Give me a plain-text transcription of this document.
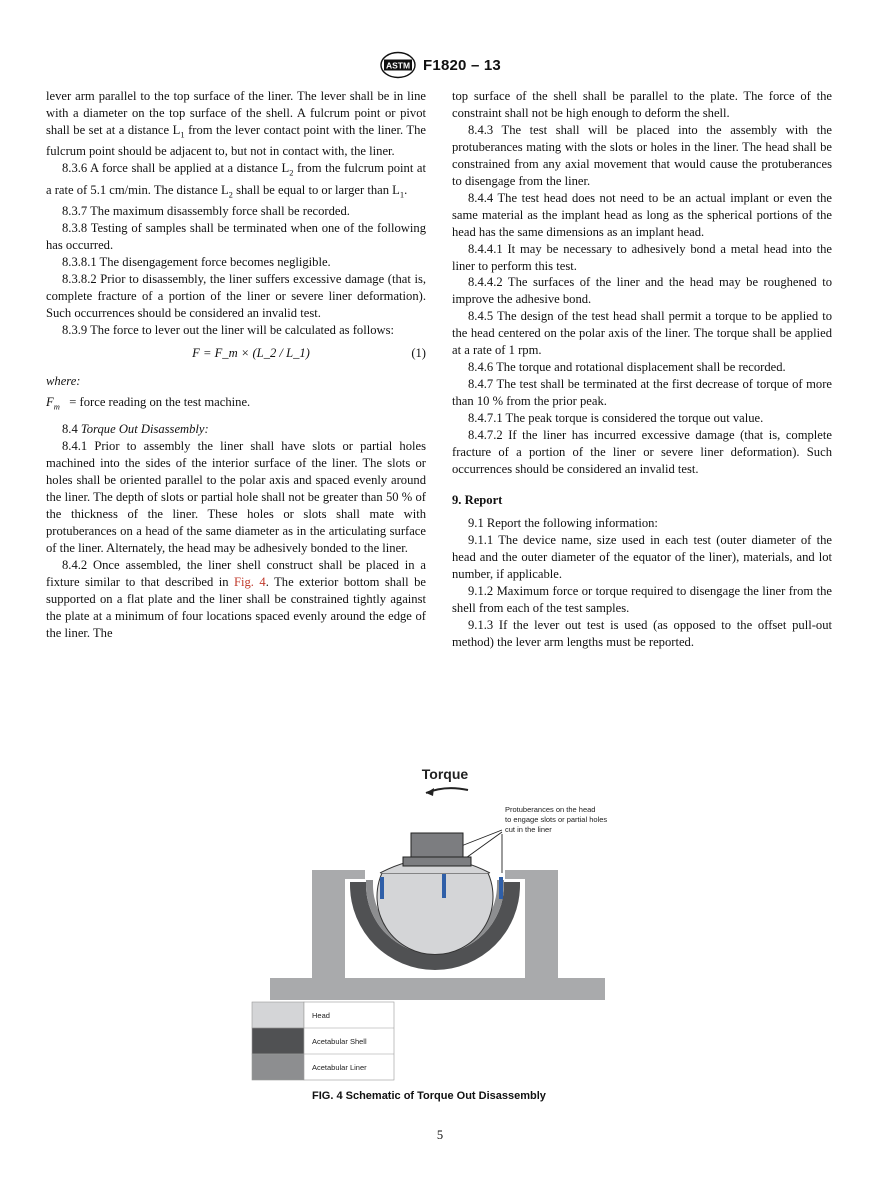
ASTM F1820 – 13

lever arm parallel to the top surface of the liner. The lever shall be in line with a diameter on the top surface of the shell. A fulcrum point or pivot shall be set at a distance $L_1$ from the lever contact point with the liner. The fulcrum point should be adjacent to, but not in contact with, the liner.

8.3.6 A force shall be applied at a distance $L_2$ from the fulcrum point at a rate of 5.1 cm/min. The distance $L_2$ shall be equal to or larger than $L_1$.

8.3.7 The maximum disassembly force shall be recorded.

8.3.8 Testing of samples shall be terminated when one of the following has occurred.

8.3.8.1 The disengagement force becomes negligible.

8.3.8.2 Prior to disassembly, the liner suffers excessive damage (that is, complete fracture of a portion of the liner or severe liner deformation). Such occurrences should be considered an invalid test.

8.3.9 The force to lever out the liner will be calculated as follows:

F = F_m × (L_2 / L_1)	(1)

where:

$F_m$ = force reading on the test machine.

8.4 Torque Out Disassembly:

8.4.1 Prior to assembly the liner shall have slots or partial holes machined into the sides of the interior surface of the liner. The slots or holes shall be oriented parallel to the polar axis and spaced evenly around the liner. The depth of slots or partial hole shall not be greater than 50 % of the thickness of the liner. These holes or slots shall mate with protuberances on a head of the same diameter as in the articulating surface of the liner. Alternately, the head may be adhesively bonded to the liner.

8.4.2 Once assembled, the liner shell construct shall be placed in a fixture similar to that described in Fig. 4. The exterior bottom shall be supported on a flat plate and the liner shall be constrained tightly against the plate at a minimum of four locations spaced evenly around the edge of the liner. The

top surface of the shell shall be parallel to the plate. The force of the constraint shall not be high enough to deform the shell.

8.4.3 The test shall will be placed into the assembly with the protuberances mating with the slots or holes in the liner. The head shall be constrained from any axial movement that would cause the protuberances to disengage from the liner.

8.4.4 The test head does not need to be an actual implant or even the same material as the implant head as long as the spherical portions of the head has the same dimensions as an implant head.

8.4.4.1 It may be necessary to adhesively bond a metal head into the liner to perform this test.

8.4.4.2 The surfaces of the liner and the head may be roughened to improve the adhesive bond.

8.4.5 The design of the test head shall permit a torque to be applied to the head centered on the polar axis of the liner. The torque shall be applied at a rate of 1 rpm.

8.4.6 The torque and rotational displacement shall be recorded.

8.4.7 The test shall be terminated at the first decrease of torque of more than 10 % from the prior peak.

8.4.7.1 The peak torque is considered the torque out value.

8.4.7.2 If the liner has incurred excessive damage (that is, complete fracture of a portion of the liner or severe liner deformation). Such occurrences should be considered an invalid test.

9. Report

9.1 Report the following information:

9.1.1 The device name, size used in each test (outer diameter of the head and the outer diameter of the equator of the liner), materials, and lot number, if applicable.

9.1.2 Maximum force or torque required to disengage the liner from the shell from each of the test samples.

9.1.3 If the lever out test is used (as opposed to the offset pull-out method) the lever arm lengths must be reported.

Torque
Protuberances on the head
to engage slots or partial holes
cut in the liner
Head
Acetabular Shell
Acetabular Liner
FIG. 4 Schematic of Torque Out Disassembly
5
